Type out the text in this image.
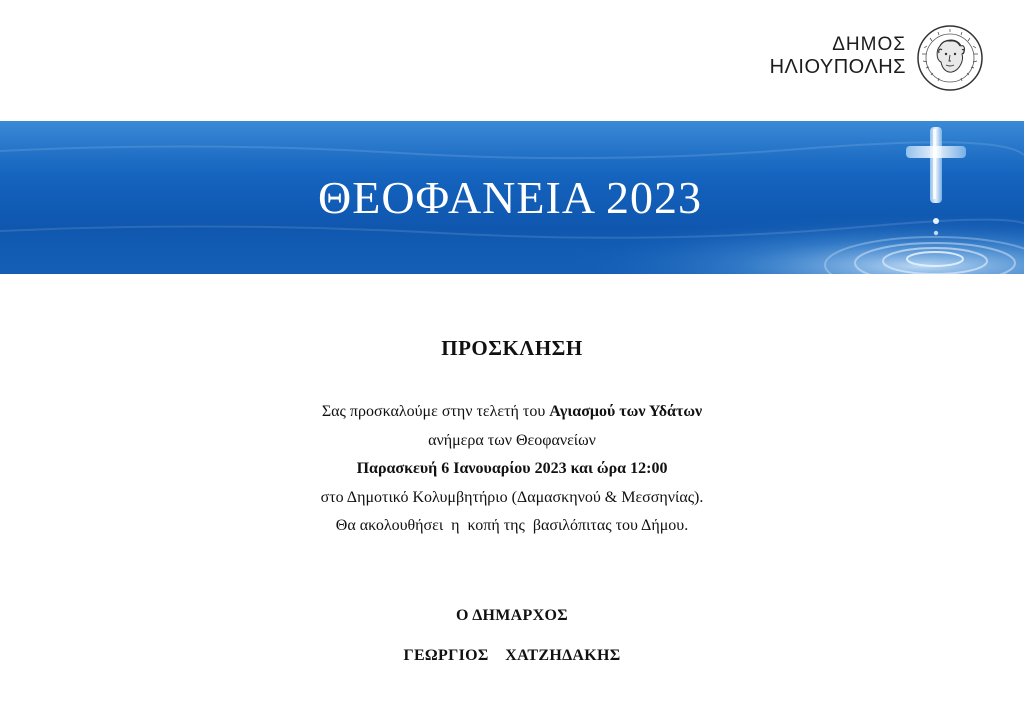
ΔΗΜΟΣ
ΗΛΙΟΥΠΟΛΗΣ
ΘΕΟΦΑΝΕΙΑ 2023
ΠΡΟΣΚΛΗΣΗ

Σας προσκαλούμε στην τελετή του Αγιασμού των Υδάτων

ανήμερα των Θεοφανείων

Παρασκευή 6 Ιανουαρίου 2023 και ώρα 12:00

στο Δημοτικό Κολυμβητήριο (Δαμασκηνού & Μεσσηνίας).

Θα ακολουθήσει  η  κοπή της  βασιλόπιτας του Δήμου.

Ο ΔΗΜΑΡΧΟΣ
ΓΕΩΡΓΙΟΣ  ΧΑΤΖΗΔΑΚΗΣ
